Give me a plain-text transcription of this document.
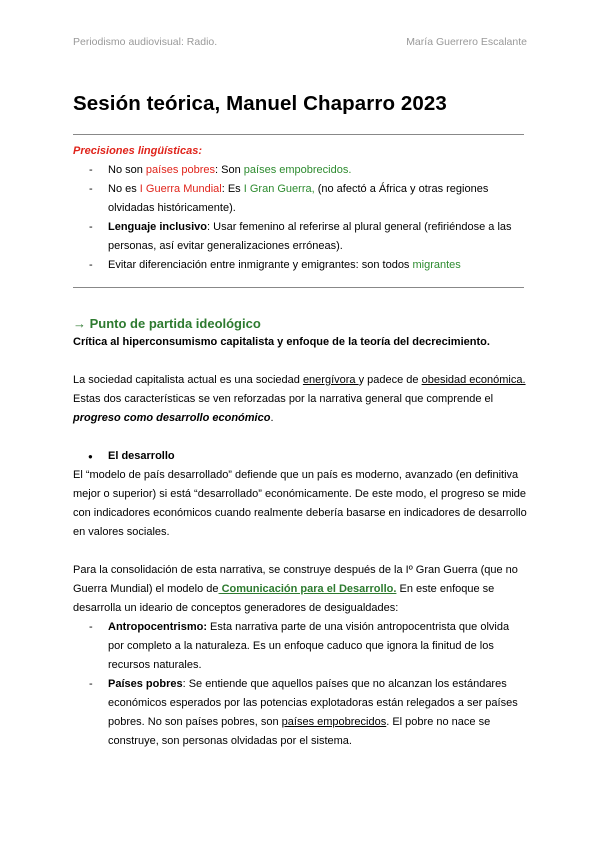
Periodismo audiovisual: Radio.	María Guerrero Escalante
Sesión teórica, Manuel Chaparro 2023
Precisiones lingüísticas:
- No son países pobres: Son países empobrecidos.
- No es I Guerra Mundial: Es I Gran Guerra, (no afectó a África y otras regiones olvidadas históricamente).
- Lenguaje inclusivo: Usar femenino al referirse al plural general (refiriéndose a las personas, así evitar generalizaciones erróneas).
- Evitar diferenciación entre inmigrante y emigrantes: son todos migrantes
→ Punto de partida ideológico
Crítica al hiperconsumismo capitalista y enfoque de la teoría del decrecimiento.
La sociedad capitalista actual es una sociedad energívora y padece de obesidad económica. Estas dos características se ven reforzadas por la narrativa general que comprende el progreso como desarrollo económico.
● El desarrollo
El “modelo de país desarrollado” defiende que un país es moderno, avanzado (en definitiva mejor o superior) si está “desarrollado” económicamente. De este modo, el progreso se mide con indicadores económicos cuando realmente debería basarse en indicadores de desarrollo en valores sociales.
Para la consolidación de esta narrativa, se construye después de la Iº Gran Guerra (que no Guerra Mundial) el modelo de Comunicación para el Desarrollo. En este enfoque se desarrolla un ideario de conceptos generadores de desigualdades:
- Antropocentrismo: Esta narrativa parte de una visión antropocentrista que olvida por completo a la naturaleza. Es un enfoque caduco que ignora la finitud de los recursos naturales.
- Países pobres: Se entiende que aquellos países que no alcanzan los estándares económicos esperados por las potencias explotadoras están relegados a ser países pobres. No son países pobres, son países empobrecidos. El pobre no nace se construye, son personas olvidadas por el sistema.
